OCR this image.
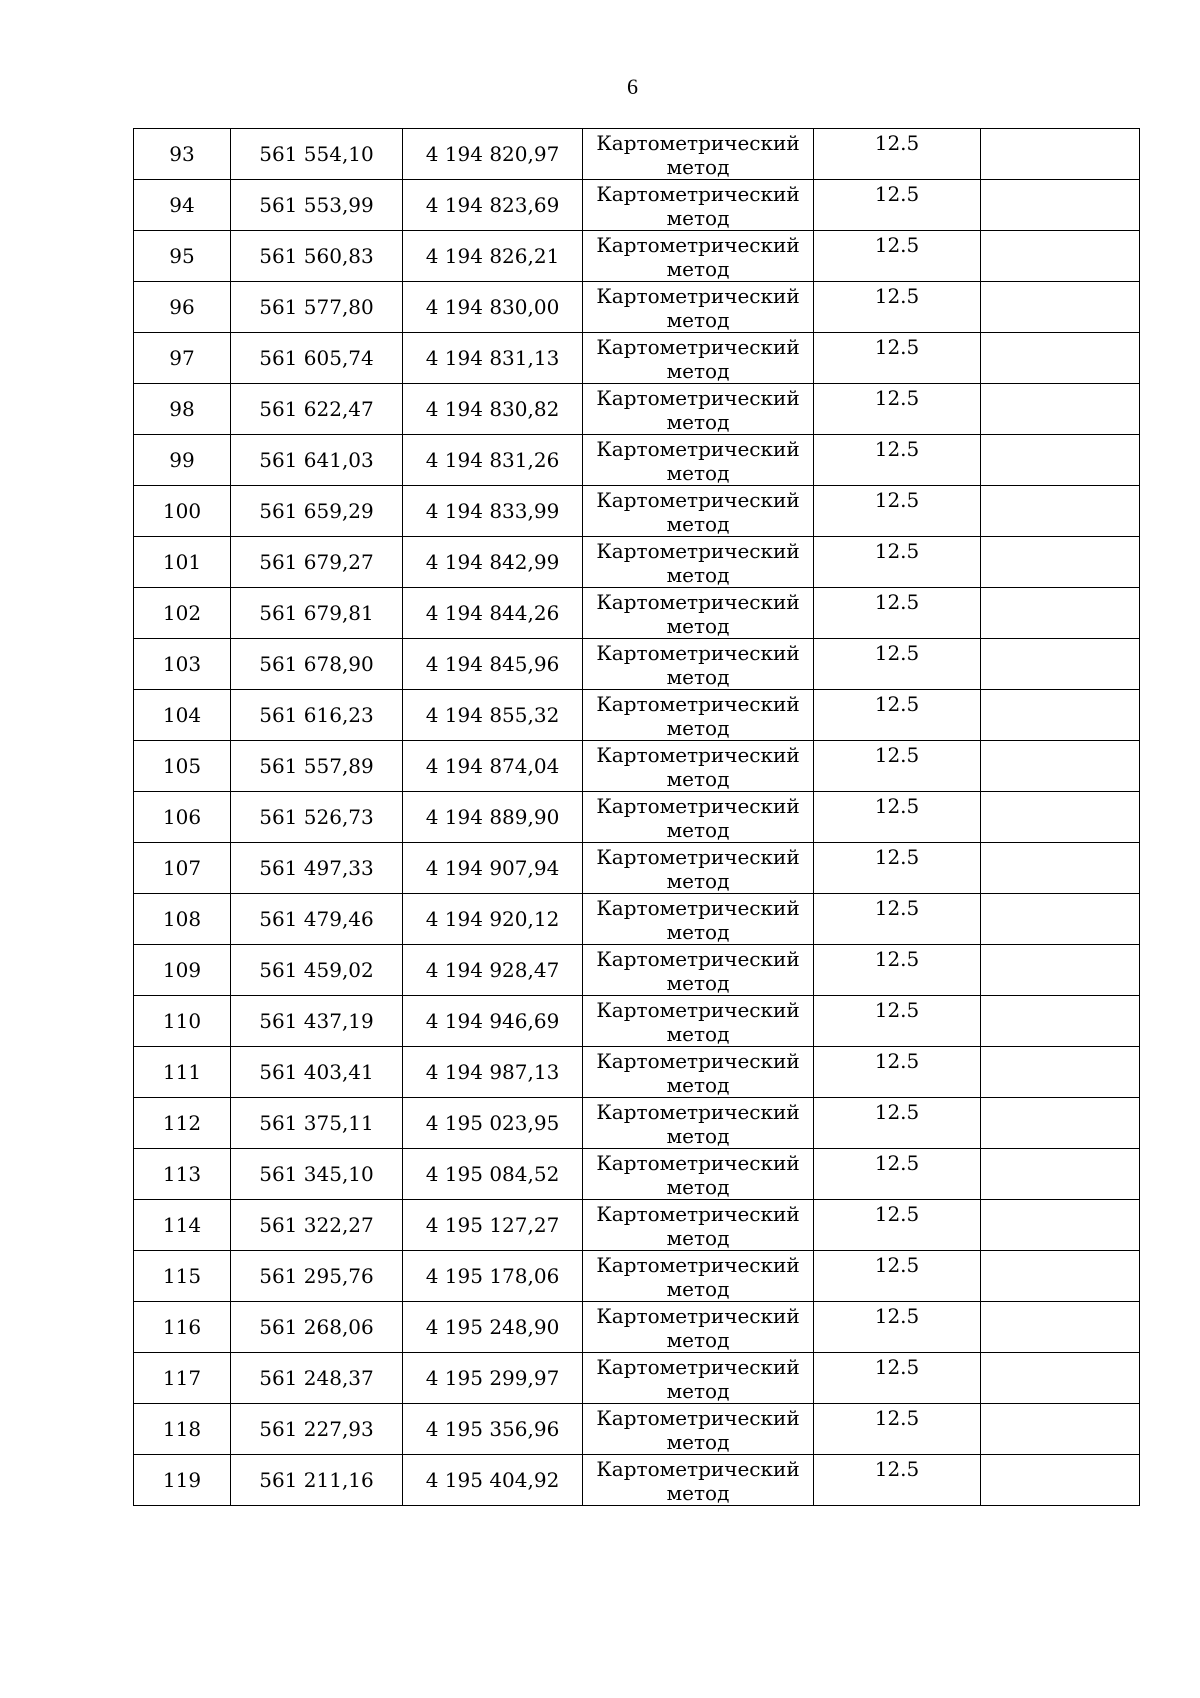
6
93	561 554,10	4 194 820,97	Картометрический
метод	12.5	
94	561 553,99	4 194 823,69	Картометрический
метод	12.5	
95	561 560,83	4 194 826,21	Картометрический
метод	12.5	
96	561 577,80	4 194 830,00	Картометрический
метод	12.5	
97	561 605,74	4 194 831,13	Картометрический
метод	12.5	
98	561 622,47	4 194 830,82	Картометрический
метод	12.5	
99	561 641,03	4 194 831,26	Картометрический
метод	12.5	
100	561 659,29	4 194 833,99	Картометрический
метод	12.5	
101	561 679,27	4 194 842,99	Картометрический
метод	12.5	
102	561 679,81	4 194 844,26	Картометрический
метод	12.5	
103	561 678,90	4 194 845,96	Картометрический
метод	12.5	
104	561 616,23	4 194 855,32	Картометрический
метод	12.5	
105	561 557,89	4 194 874,04	Картометрический
метод	12.5	
106	561 526,73	4 194 889,90	Картометрический
метод	12.5	
107	561 497,33	4 194 907,94	Картометрический
метод	12.5	
108	561 479,46	4 194 920,12	Картометрический
метод	12.5	
109	561 459,02	4 194 928,47	Картометрический
метод	12.5	
110	561 437,19	4 194 946,69	Картометрический
метод	12.5	
111	561 403,41	4 194 987,13	Картометрический
метод	12.5	
112	561 375,11	4 195 023,95	Картометрический
метод	12.5	
113	561 345,10	4 195 084,52	Картометрический
метод	12.5	
114	561 322,27	4 195 127,27	Картометрический
метод	12.5	
115	561 295,76	4 195 178,06	Картометрический
метод	12.5	
116	561 268,06	4 195 248,90	Картометрический
метод	12.5	
117	561 248,37	4 195 299,97	Картометрический
метод	12.5	
118	561 227,93	4 195 356,96	Картометрический
метод	12.5	
119	561 211,16	4 195 404,92	Картометрический
метод	12.5	
